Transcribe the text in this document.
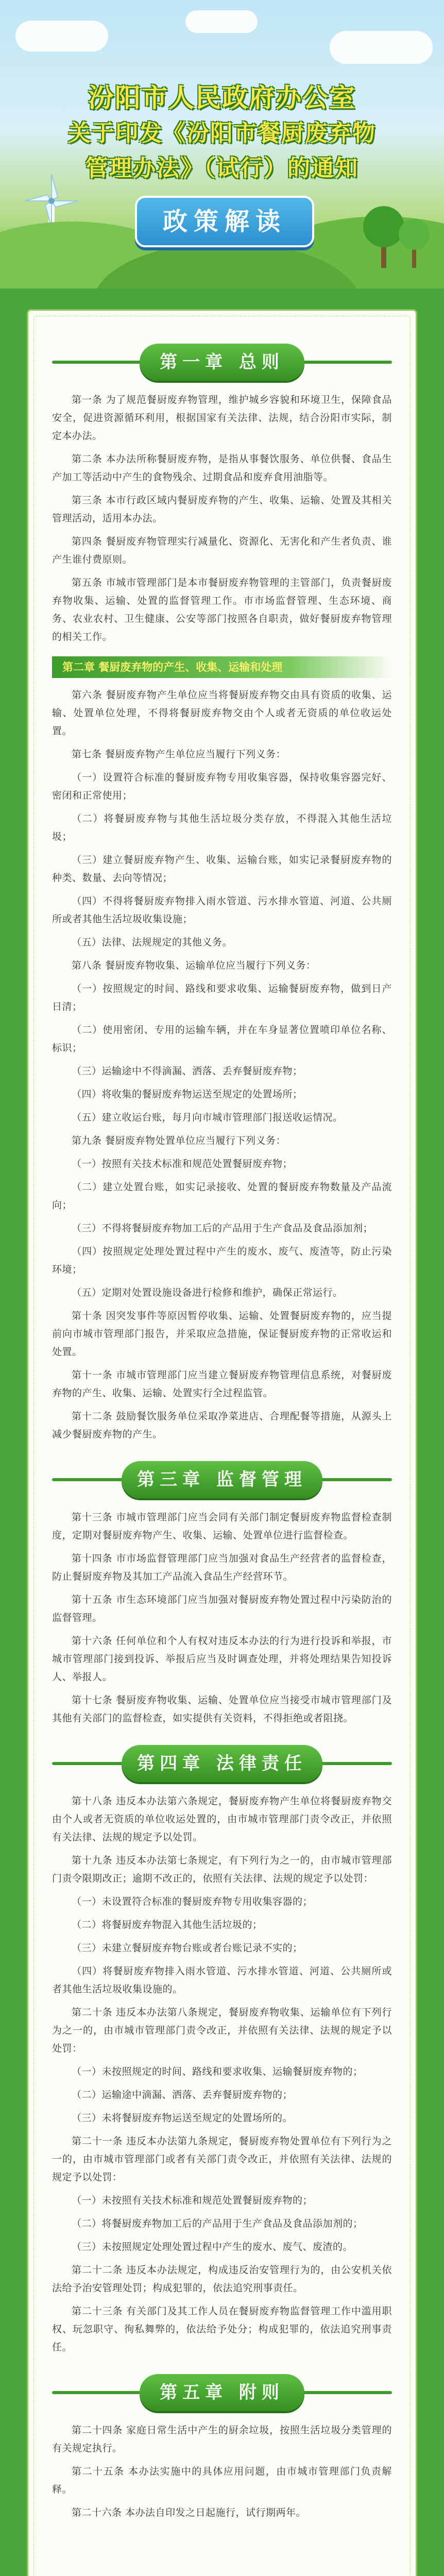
汾阳市人民政府办公室
关于印发《汾阳市餐厨废弃物
管理办法》（试行）的通知
政策解读
第一章 总则
第一条 为了规范餐厨废弃物管理，维护城乡容貌和环境卫生，保障食品安全，促进资源循环利用，根据国家有关法律、法规，结合汾阳市实际，制定本办法。
第二条 本办法所称餐厨废弃物，是指从事餐饮服务、单位供餐、食品生产加工等活动中产生的食物残余、过期食品和废弃食用油脂等。
第三条 本市行政区域内餐厨废弃物的产生、收集、运输、处置及其相关管理活动，适用本办法。
第四条 餐厨废弃物管理实行减量化、资源化、无害化和产生者负责、谁产生谁付费原则。
第五条 市城市管理部门是本市餐厨废弃物管理的主管部门，负责餐厨废弃物收集、运输、处置的监督管理工作。市市场监督管理、生态环境、商务、农业农村、卫生健康、公安等部门按照各自职责，做好餐厨废弃物管理的相关工作。
第二章 餐厨废弃物的产生、收集、运输和处理
第六条 餐厨废弃物产生单位应当将餐厨废弃物交由具有资质的收集、运输、处置单位处理，不得将餐厨废弃物交由个人或者无资质的单位收运处置。
第七条 餐厨废弃物产生单位应当履行下列义务：
（一）设置符合标准的餐厨废弃物专用收集容器，保持收集容器完好、密闭和正常使用；
（二）将餐厨废弃物与其他生活垃圾分类存放，不得混入其他生活垃圾；
（三）建立餐厨废弃物产生、收集、运输台账，如实记录餐厨废弃物的种类、数量、去向等情况；
（四）不得将餐厨废弃物排入雨水管道、污水排水管道、河道、公共厕所或者其他生活垃圾收集设施；
（五）法律、法规规定的其他义务。
第八条 餐厨废弃物收集、运输单位应当履行下列义务：
（一）按照规定的时间、路线和要求收集、运输餐厨废弃物，做到日产日清；
（二）使用密闭、专用的运输车辆，并在车身显著位置喷印单位名称、标识；
（三）运输途中不得滴漏、洒落、丢弃餐厨废弃物；
（四）将收集的餐厨废弃物运送至规定的处置场所；
（五）建立收运台账，每月向市城市管理部门报送收运情况。
第九条 餐厨废弃物处置单位应当履行下列义务：
（一）按照有关技术标准和规范处置餐厨废弃物；
（二）建立处置台账，如实记录接收、处置的餐厨废弃物数量及产品流向；
（三）不得将餐厨废弃物加工后的产品用于生产食品及食品添加剂；
（四）按照规定处理处置过程中产生的废水、废气、废渣等，防止污染环境；
（五）定期对处置设施设备进行检修和维护，确保正常运行。
第十条 因突发事件等原因暂停收集、运输、处置餐厨废弃物的，应当提前向市城市管理部门报告，并采取应急措施，保证餐厨废弃物的正常收运和处置。
第十一条 市城市管理部门应当建立餐厨废弃物管理信息系统，对餐厨废弃物的产生、收集、运输、处置实行全过程监管。
第十二条 鼓励餐饮服务单位采取净菜进店、合理配餐等措施，从源头上减少餐厨废弃物的产生。
第三章 监督管理
第十三条 市城市管理部门应当会同有关部门制定餐厨废弃物监督检查制度，定期对餐厨废弃物产生、收集、运输、处置单位进行监督检查。
第十四条 市市场监督管理部门应当加强对食品生产经营者的监督检查，防止餐厨废弃物及其加工产品流入食品生产经营环节。
第十五条 市生态环境部门应当加强对餐厨废弃物处置过程中污染防治的监督管理。
第十六条 任何单位和个人有权对违反本办法的行为进行投诉和举报，市城市管理部门接到投诉、举报后应当及时调查处理，并将处理结果告知投诉人、举报人。
第十七条 餐厨废弃物收集、运输、处置单位应当接受市城市管理部门及其他有关部门的监督检查，如实提供有关资料，不得拒绝或者阻挠。
第四章 法律责任
第十八条 违反本办法第六条规定，餐厨废弃物产生单位将餐厨废弃物交由个人或者无资质的单位收运处置的，由市城市管理部门责令改正，并依照有关法律、法规的规定予以处罚。
第十九条 违反本办法第七条规定，有下列行为之一的，由市城市管理部门责令限期改正；逾期不改正的，依照有关法律、法规的规定予以处罚：
（一）未设置符合标准的餐厨废弃物专用收集容器的；
（二）将餐厨废弃物混入其他生活垃圾的；
（三）未建立餐厨废弃物台账或者台账记录不实的；
（四）将餐厨废弃物排入雨水管道、污水排水管道、河道、公共厕所或者其他生活垃圾收集设施的。
第二十条 违反本办法第八条规定，餐厨废弃物收集、运输单位有下列行为之一的，由市城市管理部门责令改正，并依照有关法律、法规的规定予以处罚：
（一）未按照规定的时间、路线和要求收集、运输餐厨废弃物的；
（二）运输途中滴漏、洒落、丢弃餐厨废弃物的；
（三）未将餐厨废弃物运送至规定的处置场所的。
第二十一条 违反本办法第九条规定，餐厨废弃物处置单位有下列行为之一的，由市城市管理部门或者有关部门责令改正，并依照有关法律、法规的规定予以处罚：
（一）未按照有关技术标准和规范处置餐厨废弃物的；
（二）将餐厨废弃物加工后的产品用于生产食品及食品添加剂的；
（三）未按照规定处理处置过程中产生的废水、废气、废渣的。
第二十二条 违反本办法规定，构成违反治安管理行为的，由公安机关依法给予治安管理处罚；构成犯罪的，依法追究刑事责任。
第二十三条 有关部门及其工作人员在餐厨废弃物监督管理工作中滥用职权、玩忽职守、徇私舞弊的，依法给予处分；构成犯罪的，依法追究刑事责任。
第五章 附则
第二十四条 家庭日常生活中产生的厨余垃圾，按照生活垃圾分类管理的有关规定执行。
第二十五条 本办法实施中的具体应用问题，由市城市管理部门负责解释。
第二十六条 本办法自印发之日起施行，试行期两年。
